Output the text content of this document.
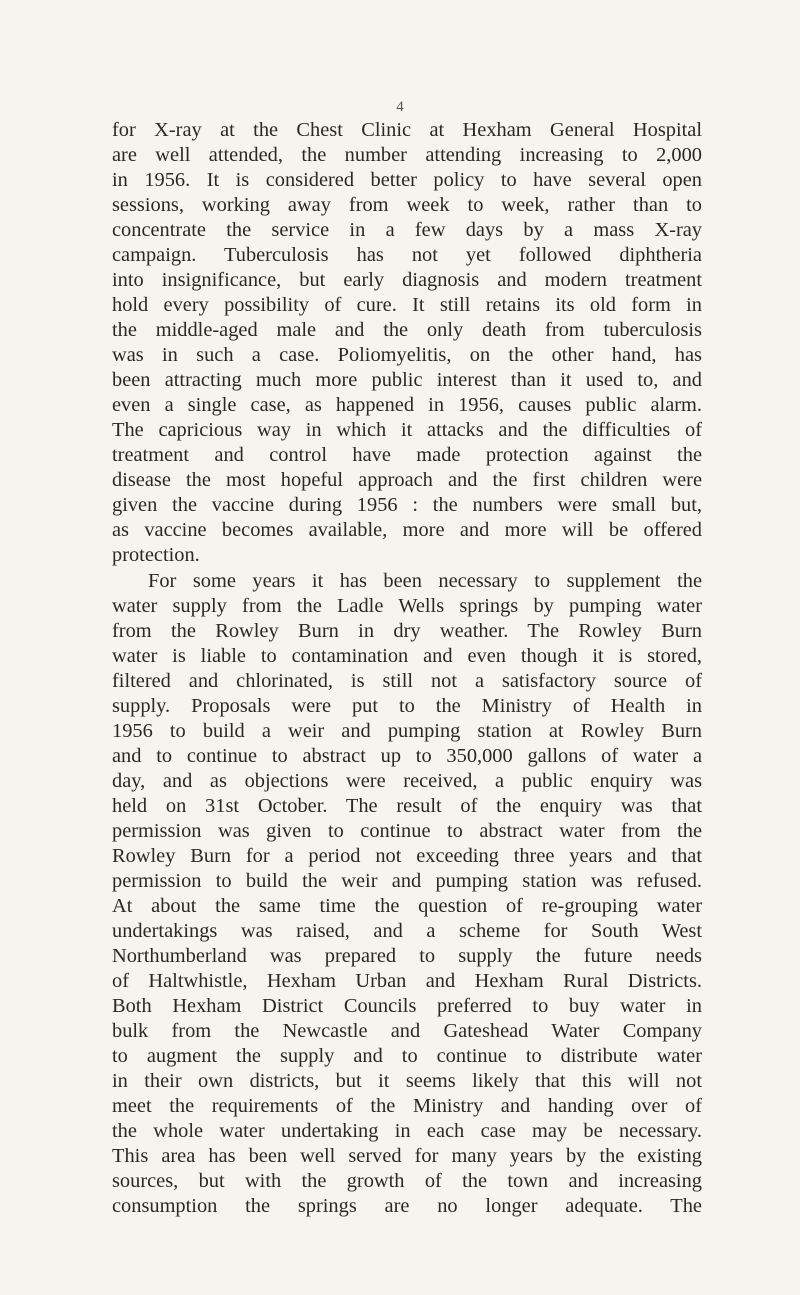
4
for X-ray at the Chest Clinic at Hexham General Hospital
are well attended, the number attending increasing to 2,000
in 1956. It is considered better policy to have several open
sessions, working away from week to week, rather than to
concentrate the service in a few days by a mass X-ray
campaign. Tuberculosis has not yet followed diphtheria
into insignificance, but early diagnosis and modern treatment
hold every possibility of cure. It still retains its old form in
the middle-aged male and the only death from tuberculosis
was in such a case. Poliomyelitis, on the other hand, has
been attracting much more public interest than it used to, and
even a single case, as happened in 1956, causes public alarm.
The capricious way in which it attacks and the difficulties of
treatment and control have made protection against the
disease the most hopeful approach and the first children were
given the vaccine during 1956 : the numbers were small but,
as vaccine becomes available, more and more will be offered
protection.
For some years it has been necessary to supplement the
water supply from the Ladle Wells springs by pumping water
from the Rowley Burn in dry weather. The Rowley Burn
water is liable to contamination and even though it is stored,
filtered and chlorinated, is still not a satisfactory source of
supply. Proposals were put to the Ministry of Health in
1956 to build a weir and pumping station at Rowley Burn
and to continue to abstract up to 350,000 gallons of water a
day, and as objections were received, a public enquiry was
held on 31st October. The result of the enquiry was that
permission was given to continue to abstract water from the
Rowley Burn for a period not exceeding three years and that
permission to build the weir and pumping station was refused.
At about the same time the question of re-grouping water
undertakings was raised, and a scheme for South West
Northumberland was prepared to supply the future needs
of Haltwhistle, Hexham Urban and Hexham Rural Districts.
Both Hexham District Councils preferred to buy water in
bulk from the Newcastle and Gateshead Water Company
to augment the supply and to continue to distribute water
in their own districts, but it seems likely that this will not
meet the requirements of the Ministry and handing over of
the whole water undertaking in each case may be necessary.
This area has been well served for many years by the existing
sources, but with the growth of the town and increasing
consumption the springs are no longer adequate. The
